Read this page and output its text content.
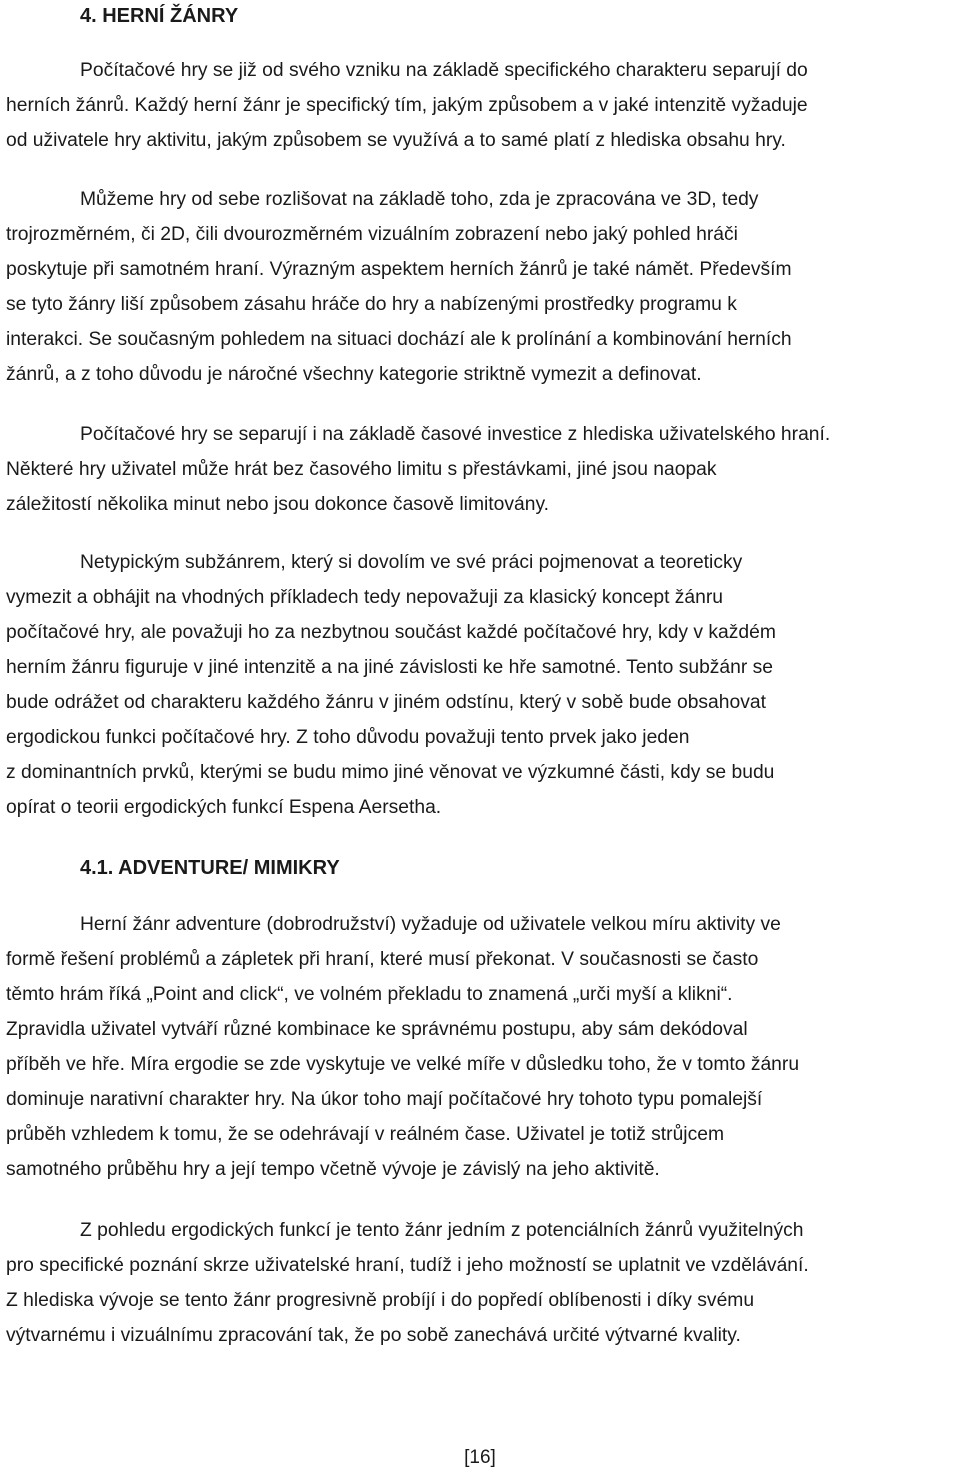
4. HERNÍ ŽÁNRY
Počítačové hry se již od svého vzniku na základě specifického charakteru separují do
herních žánrů. Každý herní žánr je specifický tím, jakým způsobem a v jaké intenzitě vyžaduje
od uživatele hry aktivitu, jakým způsobem se využívá a to samé platí z hlediska obsahu hry.
Můžeme hry od sebe rozlišovat na základě toho, zda je zpracována ve 3D, tedy
trojrozměrném, či 2D, čili dvourozměrném vizuálním zobrazení nebo jaký pohled hráči
poskytuje při samotném hraní. Výrazným aspektem herních žánrů je také námět. Především
se tyto žánry liší způsobem zásahu hráče do hry a nabízenými prostředky programu k
interakci. Se současným pohledem na situaci dochází ale k prolínání a kombinování herních
žánrů, a z toho důvodu je náročné všechny kategorie striktně vymezit a definovat.
Počítačové hry se separují i na základě časové investice z hlediska uživatelského hraní.
Některé hry uživatel může hrát bez časového limitu s přestávkami, jiné jsou naopak
záležitostí několika minut nebo jsou dokonce časově limitovány.
Netypickým subžánrem, který si dovolím ve své práci pojmenovat a teoreticky
vymezit a obhájit na vhodných příkladech tedy nepovažuji za klasický koncept žánru
počítačové hry, ale považuji ho za nezbytnou součást každé počítačové hry, kdy v každém
herním žánru figuruje v jiné intenzitě a na jiné závislosti ke hře samotné. Tento subžánr se
bude odrážet od charakteru každého žánru v jiném odstínu, který v sobě bude obsahovat
ergodickou funkci počítačové hry. Z toho důvodu považuji tento prvek jako jeden
z dominantních prvků, kterými se budu mimo jiné věnovat ve výzkumné části, kdy se budu
opírat o teorii ergodických funkcí Espena Aersetha.
4.1. ADVENTURE/ MIMIKRY
Herní žánr adventure (dobrodružství) vyžaduje od uživatele velkou míru aktivity ve
formě řešení problémů a zápletek při hraní, které musí překonat. V současnosti se často
těmto hrám říká „Point and click“, ve volném překladu to znamená „urči myší a klikni“.
Zpravidla uživatel vytváří různé kombinace ke správnému postupu, aby sám dekódoval
příběh ve hře. Míra ergodie se zde vyskytuje ve velké míře v důsledku toho, že v tomto žánru
dominuje narativní charakter hry. Na úkor toho mají počítačové hry tohoto typu pomalejší
průběh vzhledem k tomu, že se odehrávají v reálném čase. Uživatel je totiž strůjcem
samotného průběhu hry a její tempo včetně vývoje je závislý na jeho aktivitě.
Z pohledu ergodických funkcí je tento žánr jedním z potenciálních žánrů využitelných
pro specifické poznání skrze uživatelské hraní, tudíž i jeho možností se uplatnit ve vzdělávání.
Z hlediska vývoje se tento žánr progresivně probíjí i do popředí oblíbenosti i díky svému
výtvarnému i vizuálnímu zpracování tak, že po sobě zanechává určité výtvarné kvality.
[16]
